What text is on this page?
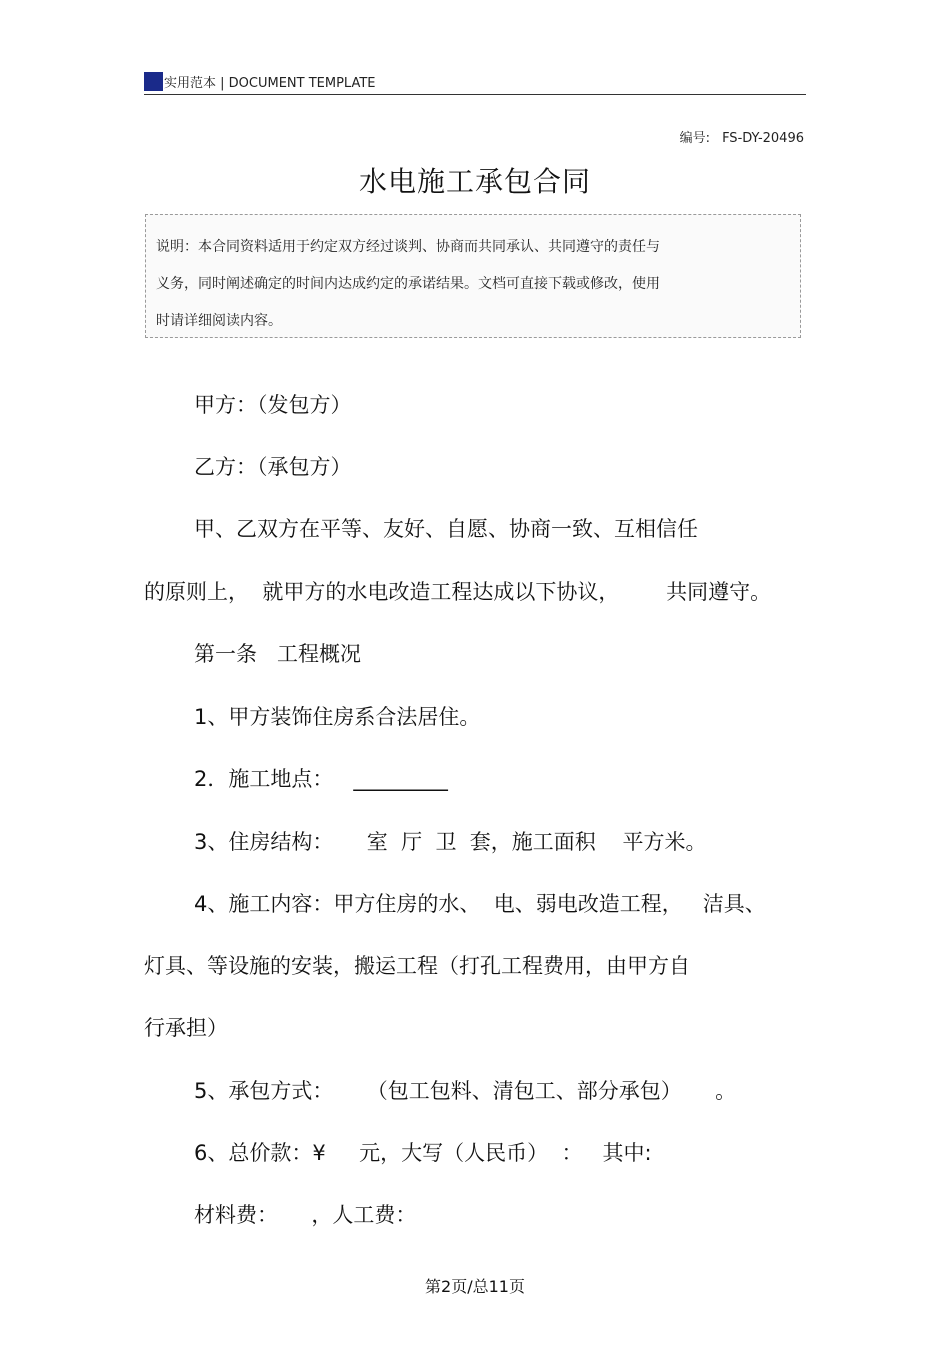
实用范本 | DOCUMENT TEMPLATE
编号: FS-DY-20496
水电施工承包合同
说明：本合同资料适用于约定双方经过谈判、协商而共同承认、共同遵守的责任与
义务，同时阐述确定的时间内达成约定的承诺结果。文档可直接下载或修改，使用
时请详细阅读内容。
甲方：（发包方）
乙方：（承包方）
甲、乙双方在平等、友好、自愿、协商一致、互相信任
的原则上，  就甲方的水电改造工程达成以下协议，       共同遵守。
第一条   工程概况
1、甲方装饰住房系合法居住。
2．施工地点：   _________
3、住房结构：     室  厅  卫  套，施工面积    平方米。
4、施工内容：甲方住房的水、  电、弱电改造工程，   洁具、
灯具、等设施的安装，搬运工程（打孔工程费用，由甲方自
行承担）
5、承包方式：     （包工包料、清包工、部分承包）     。
6、总价款：¥     元，大写（人民币）  ：   其中:
材料费：     ，人工费：
第2页/总11页
